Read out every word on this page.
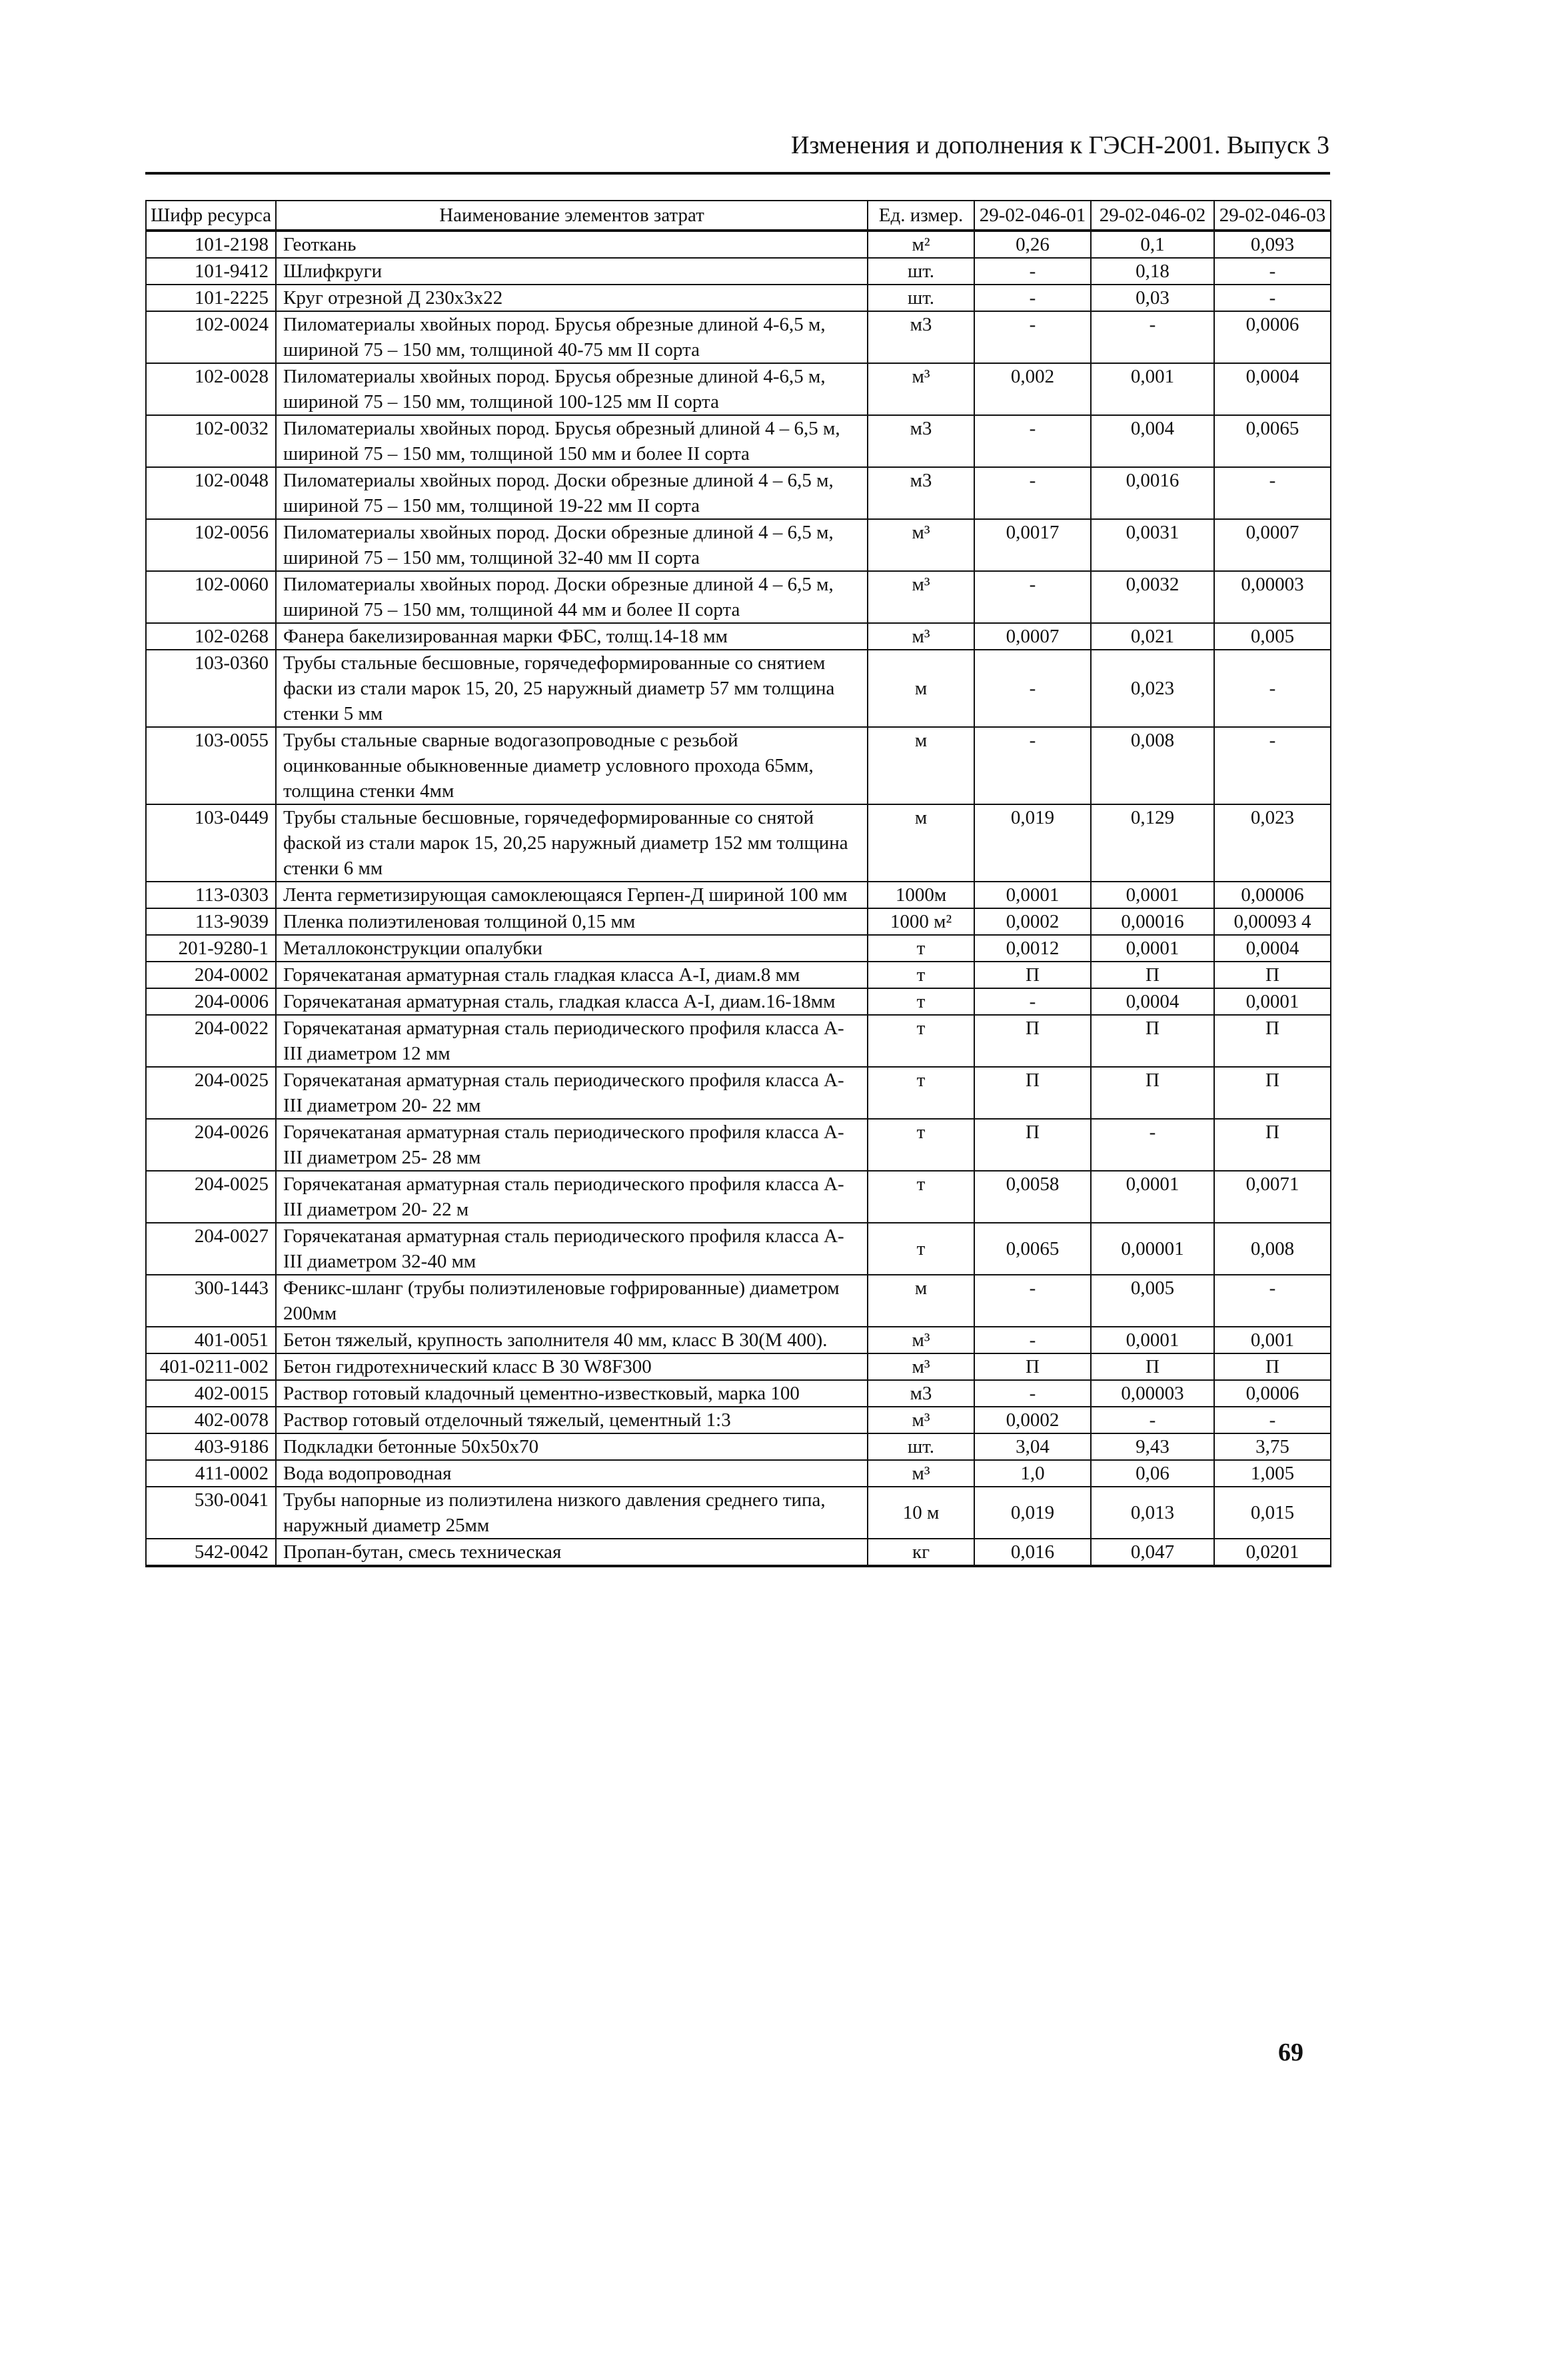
Изменения и дополнения к ГЭСН-2001. Выпуск 3
Шифр ресурса	Наименование элементов затрат	Ед. измер.	29-02-046-01	29-02-046-02	29-02-046-03
101-2198	Геоткань	м²	0,26	0,1	0,093
101-9412	Шлифкруги	шт.	-	0,18	-
101-2225	Круг отрезной Д 230х3х22	шт.	-	0,03	-
102-0024	Пиломатериалы хвойных пород. Брусья обрезные длиной 4-6,5 м, шириной 75 – 150 мм, толщиной 40-75 мм II сорта	м3	-	-	0,0006
102-0028	Пиломатериалы хвойных пород. Брусья обрезные длиной 4-6,5 м, шириной 75 – 150 мм, толщиной 100-125 мм II сорта	м³	0,002	0,001	0,0004
102-0032	Пиломатериалы хвойных пород. Брусья обрезный длиной 4 – 6,5 м, шириной 75 – 150 мм, толщиной 150 мм и более II сорта	м3	-	0,004	0,0065
102-0048	Пиломатериалы хвойных пород. Доски обрезные длиной 4 – 6,5 м, шириной 75 – 150 мм, толщиной 19-22 мм II сорта	м3	-	0,0016	-
102-0056	Пиломатериалы хвойных пород. Доски обрезные длиной 4 – 6,5 м, шириной 75 – 150 мм, толщиной 32-40 мм II сорта	м³	0,0017	0,0031	0,0007
102-0060	Пиломатериалы хвойных пород. Доски обрезные длиной 4 – 6,5 м, шириной 75 – 150 мм, толщиной 44 мм и более II сорта	м³	-	0,0032	0,00003
102-0268	Фанера бакелизированная марки ФБС, толщ.14-18 мм	м³	0,0007	0,021	0,005
103-0360	Трубы стальные бесшовные, горячедеформированные со снятием фаски из стали марок 15, 20, 25 наружный диаметр 57 мм толщина стенки 5 мм	м	-	0,023	-
103-0055	Трубы стальные сварные водогазопроводные с резьбой оцинкованные обыкновенные диаметр условного прохода 65мм, толщина стенки 4мм	м	-	0,008	-
103-0449	Трубы стальные бесшовные, горячедеформированные со снятой фаской из стали марок 15, 20,25 наружный диаметр 152 мм толщина стенки 6 мм	м	0,019	0,129	0,023
113-0303	Лента герметизирующая самоклеющаяся Герпен-Д шириной 100 мм	1000м	0,0001	0,0001	0,00006
113-9039	Пленка полиэтиленовая толщиной 0,15 мм	1000 м²	0,0002	0,00016	0,00093 4
201-9280-1	Металлоконструкции опалубки	т	0,0012	0,0001	0,0004
204-0002	Горячекатаная арматурная сталь гладкая класса А-I, диам.8 мм	т	П	П	П
204-0006	Горячекатаная арматурная сталь, гладкая класса А-I, диам.16-18мм	т	-	0,0004	0,0001
204-0022	Горячекатаная арматурная сталь периодического профиля класса А-III диаметром 12 мм	т	П	П	П
204-0025	Горячекатаная арматурная сталь периодического профиля класса А-III диаметром 20- 22 мм	т	П	П	П
204-0026	Горячекатаная арматурная сталь периодического профиля класса А-III диаметром 25- 28 мм	т	П	-	П
204-0025	Горячекатаная арматурная сталь периодического профиля класса А-III диаметром 20- 22 м	т	0,0058	0,0001	0,0071
204-0027	Горячекатаная арматурная сталь периодического профиля класса А-III диаметром 32-40 мм	т	0,0065	0,00001	0,008
300-1443	Феникс-шланг (трубы полиэтиленовые гофрированные) диаметром 200мм	м	-	0,005	-
401-0051	Бетон тяжелый, крупность заполнителя 40 мм, класс В 30(М 400).	м³	-	0,0001	0,001
401-0211-002	Бетон гидротехнический класс В 30 W8F300	м³	П	П	П
402-0015	Раствор готовый кладочный цементно-известковый, марка 100	м3	-	0,00003	0,0006
402-0078	Раствор готовый отделочный тяжелый, цементный 1:3	м³	0,0002	-	-
403-9186	Подкладки бетонные 50х50х70	шт.	3,04	9,43	3,75
411-0002	Вода водопроводная	м³	1,0	0,06	1,005
530-0041	Трубы напорные из полиэтилена низкого давления среднего типа, наружный диаметр 25мм	10 м	0,019	0,013	0,015
542-0042	Пропан-бутан, смесь техническая	кг	0,016	0,047	0,0201
69
